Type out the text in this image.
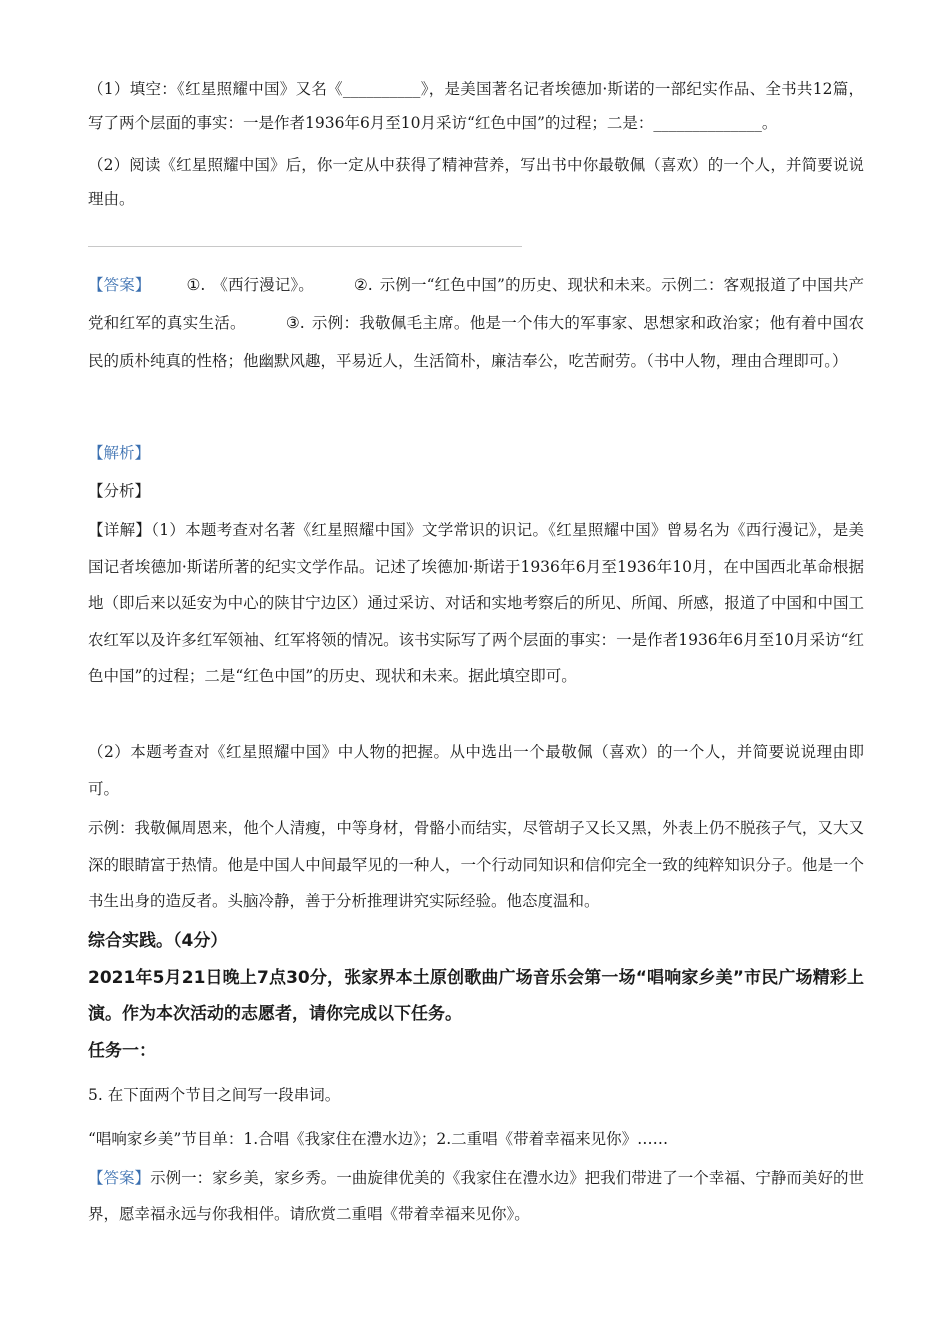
（1）填空：《红星照耀中国》又名《__________》，是美国著名记者埃德加·斯诺的一部纪实作品、全书共12篇，写了两个层面的事实：一是作者1936年6月至10月采访“红色中国”的过程；二是：______________。
（2）阅读《红星照耀中国》后，你一定从中获得了精神营养，写出书中你最敬佩（喜欢）的一个人，并简要说说理由。
【答案】 ①. 《西行漫记》。	②. 示例一“红色中国”的历史、现状和未来。示例二：客观报道了中国共产党和红军的真实生活。	③. 示例：我敬佩毛主席。他是一个伟大的军事家、思想家和政治家；他有着中国农民的质朴纯真的性格；他幽默风趣，平易近人，生活简朴，廉洁奉公，吃苦耐劳。（书中人物，理由合理即可。）
【解析】
【分析】
【详解】（1）本题考查对名著《红星照耀中国》文学常识的识记。《红星照耀中国》曾易名为《西行漫记》，是美国记者埃德加·斯诺所著的纪实文学作品。记述了埃德加·斯诺于1936年6月至1936年10月，在中国西北革命根据地（即后来以延安为中心的陕甘宁边区）通过采访、对话和实地考察后的所见、所闻、所感，报道了中国和中国工农红军以及许多红军领袖、红军将领的情况。该书实际写了两个层面的事实：一是作者1936年6月至10月采访“红色中国”的过程；二是“红色中国”的历史、现状和未来。据此填空即可。
（2）本题考查对《红星照耀中国》中人物的把握。从中选出一个最敬佩（喜欢）的一个人，并简要说说理由即可。
示例：我敬佩周恩来，他个人清瘦，中等身材，骨骼小而结实，尽管胡子又长又黑，外表上仍不脱孩子气，又大又深的眼睛富于热情。他是中国人中间最罕见的一种人，一个行动同知识和信仰完全一致的纯粹知识分子。他是一个书生出身的造反者。头脑冷静，善于分析推理讲究实际经验。他态度温和。
综合实践。（4分）
2021年5月21日晚上7点30分，张家界本土原创歌曲广场音乐会第一场“唱响家乡美”市民广场精彩上演。作为本次活动的志愿者，请你完成以下任务。
任务一：
5. 在下面两个节目之间写一段串词。
“唱响家乡美”节目单：1.合唱《我家住在澧水边》；2.二重唱《带着幸福来见你》……
【答案】示例一：家乡美，家乡秀。一曲旋律优美的《我家住在澧水边》把我们带进了一个幸福、宁静而美好的世界，愿幸福永远与你我相伴。请欣赏二重唱《带着幸福来见你》。
